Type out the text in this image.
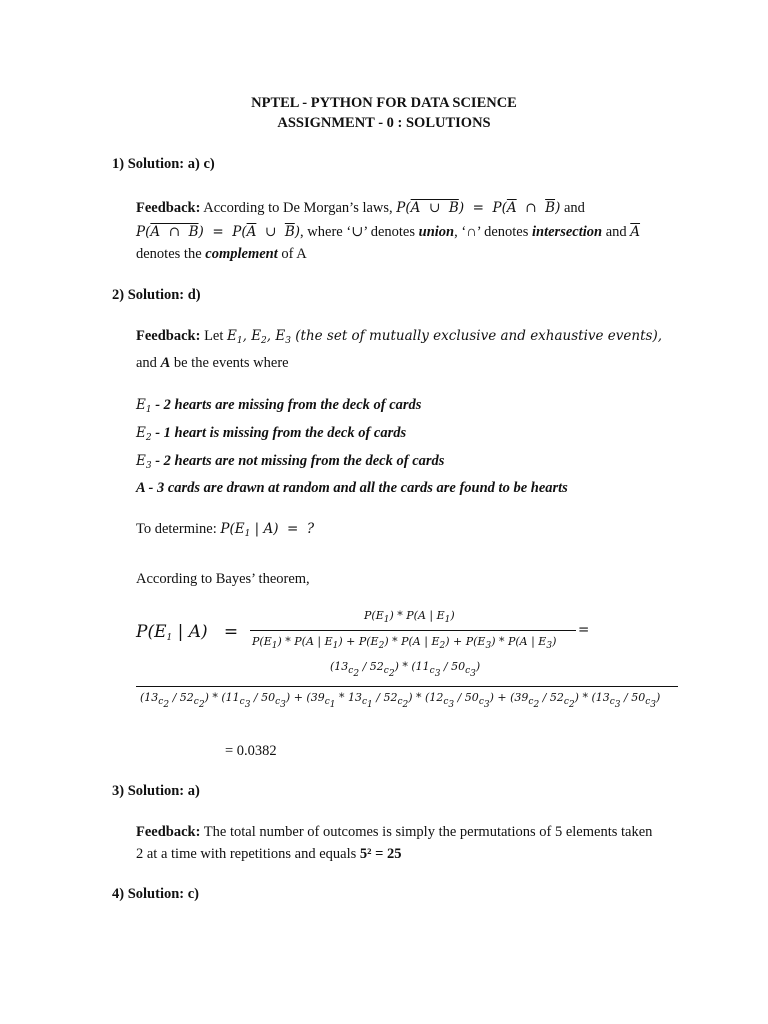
NPTEL - PYTHON FOR DATA SCIENCE
ASSIGNMENT - 0 : SOLUTIONS
1) Solution: a) c)
Feedback: According to De Morgan’s laws, P(A  ∪  $B) = P(\overline{A}$  ∩  $\overline{B}$) and
P(A  ∩  $B) = P(\overline{A}$  ∪  $\overline{B}$), where ‘∪’ denotes union, ‘∩’ denotes intersection and $\overline{A}$
denotes the complement of A
2) Solution: d)
Feedback: Let $E_1$, $E_2$, $E_3$ (the set of mutually exclusive and exhaustive events),
and A be the events where
$E_1 - 2$ hearts are missing from the deck of cards
$E_2 - 1$ heart is missing from the deck of cards
$E_3 - 2$ hearts are not missing from the deck of cards
A - 3 cards are drawn at random and all the cards are found to be hearts
To determine: $P(E_1$ | A)  =  ?
According to Bayes’ theorem,
$P(E_1$ | A)   =
$P(E_1) * P(A$ | $E_1$)
$P(E_1) * P(A$ | $E_1) + P(E_2) * P(A$ | $E_2) + P(E_3) * P(A$ | $E_3$)
=
$(13_{c_2} / 52_{c_2}) * (11_{c_3} / 50_{c_3})$
$(13_{c_2} / 52_{c_2}) * (11_{c_3} / 50_{c_3}) + (39_{c_1} * 13_{c_1} / 52_{c_2}) * (12_{c_3} / 50_{c_3}) + (39_{c_2} / 52_{c_2}) * (13_{c_3} / 50_{c_3})$
= 0.0382
3) Solution: a)
Feedback: The total number of outcomes is simply the permutations of 5 elements taken
2 at a time with repetitions and equals 5² = 25
4) Solution: c)
